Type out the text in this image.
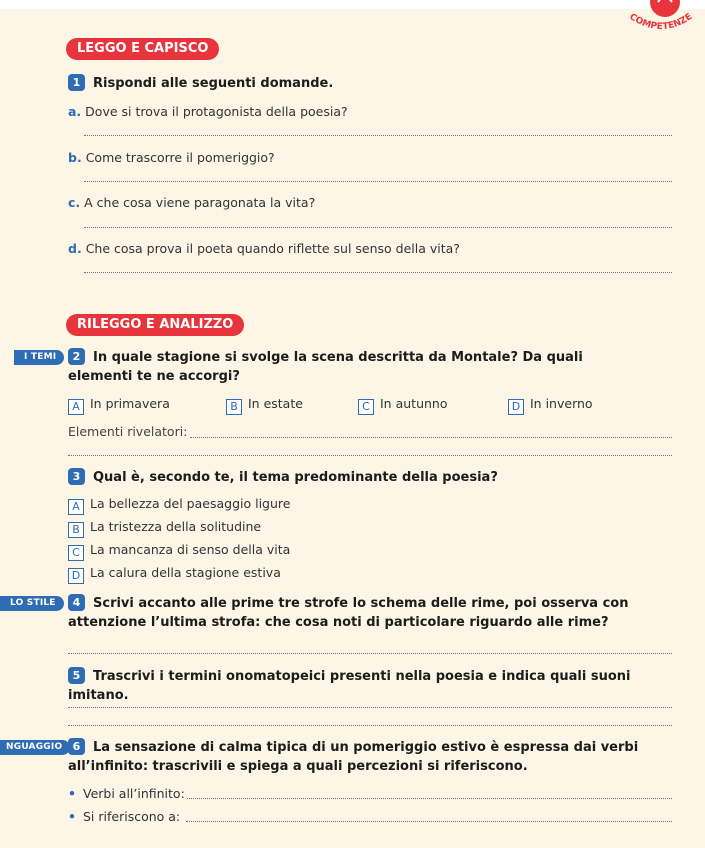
COMPETENZE
LEGGO E CAPISCO
1 Rispondi alle seguenti domande.
a. Dove si trova il protagonista della poesia?
b. Come trascorre il pomeriggio?
c. A che cosa viene paragonata la vita?
d. Che cosa prova il poeta quando riflette sul senso della vita?
RILEGGO E ANALIZZO
I TEMI	2 In quale stagione si svolge la scena descritta da Montale? Da quali elementi te ne accorgi?
A In primavera	B In estate	C In autunno	D In inverno
Elementi rivelatori:
3 Qual è, secondo te, il tema predominante della poesia?
A La bellezza del paesaggio ligure
B La tristezza della solitudine
C La mancanza di senso della vita
D La calura della stagione estiva
LO STILE	4 Scrivi accanto alle prime tre strofe lo schema delle rime, poi osserva con attenzione l’ultima strofa: che cosa noti di particolare riguardo alle rime?
5 Trascrivi i termini onomatopeici presenti nella poesia e indica quali suoni imitano.
NGUAGGIO 6 La sensazione di calma tipica di un pomeriggio estivo è espressa dai verbi all’infinito: trascrivili e spiega a quali percezioni si riferiscono.
• Verbi all’infinito:
• Si riferiscono a:
